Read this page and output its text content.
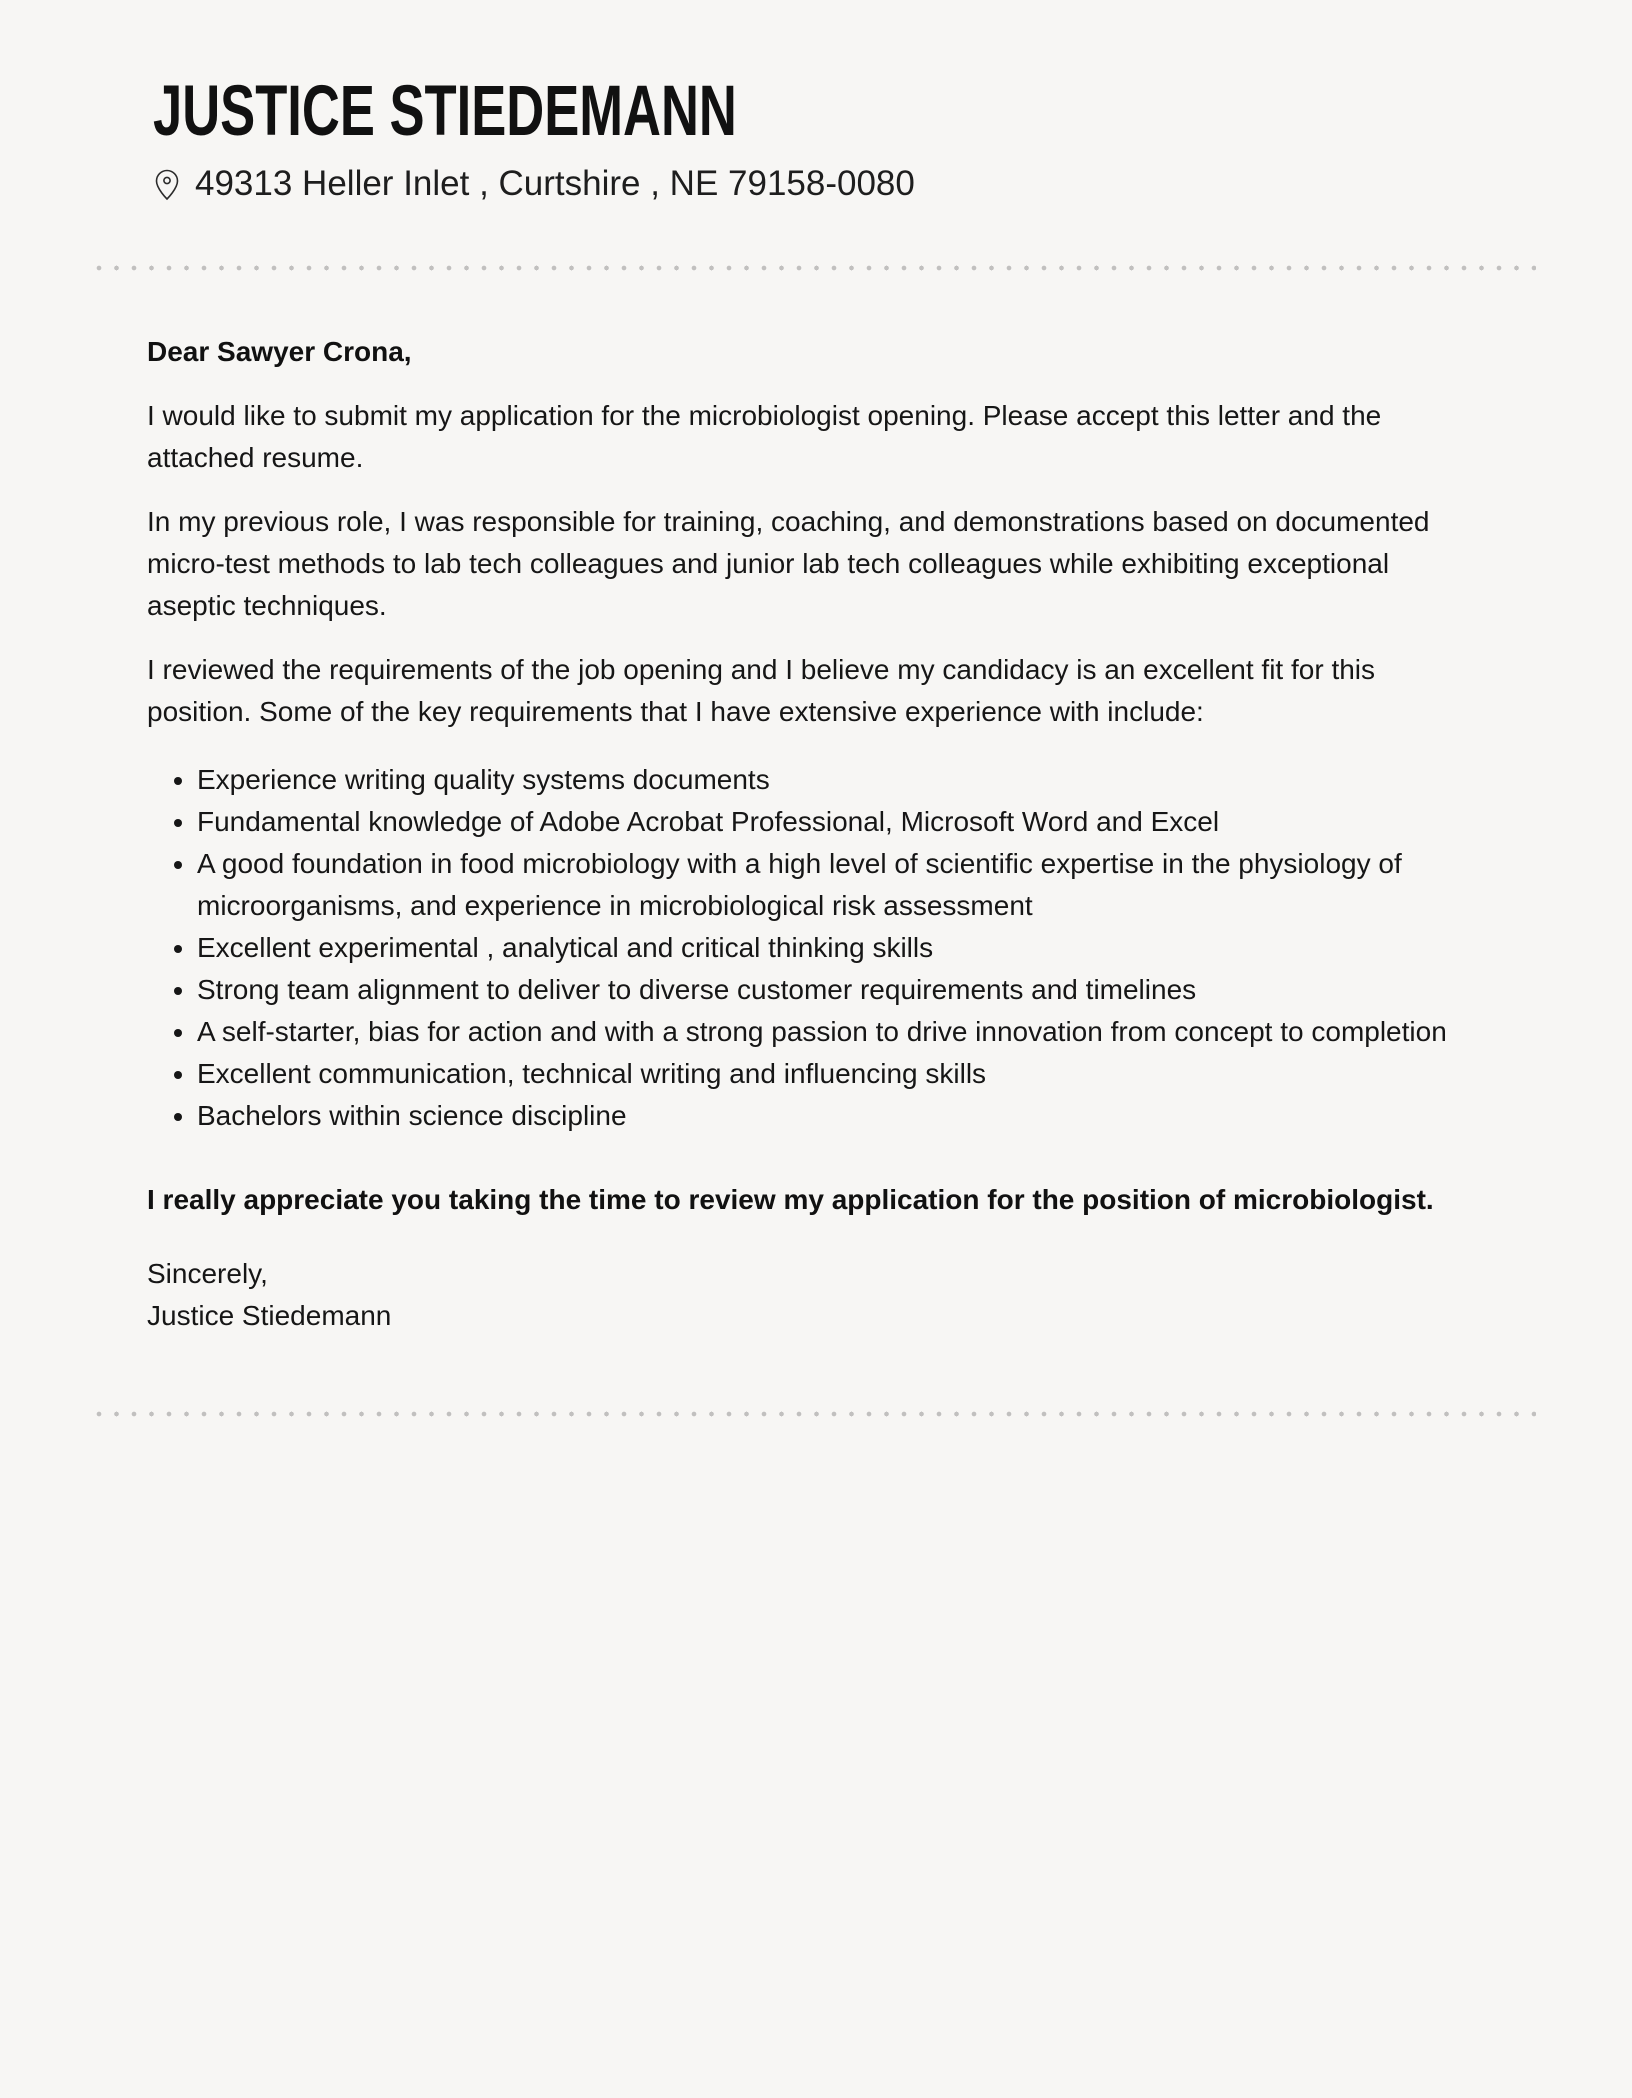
JUSTICE STIEDEMANN
49313 Heller Inlet , Curtshire , NE 79158-0080

Dear Sawyer Crona,

I would like to submit my application for the microbiologist opening. Please accept this letter and the attached resume.

In my previous role, I was responsible for training, coaching, and demonstrations based on documented micro-test methods to lab tech colleagues and junior lab tech colleagues while exhibiting exceptional aseptic techniques.

I reviewed the requirements of the job opening and I believe my candidacy is an excellent fit for this position. Some of the key requirements that I have extensive experience with include:

• Experience writing quality systems documents
• Fundamental knowledge of Adobe Acrobat Professional, Microsoft Word and Excel
• A good foundation in food microbiology with a high level of scientific expertise in the physiology of microorganisms, and experience in microbiological risk assessment
• Excellent experimental , analytical and critical thinking skills
• Strong team alignment to deliver to diverse customer requirements and timelines
• A self-starter, bias for action and with a strong passion to drive innovation from concept to completion
• Excellent communication, technical writing and influencing skills
• Bachelors within science discipline

I really appreciate you taking the time to review my application for the position of microbiologist.

Sincerely,
Justice Stiedemann
